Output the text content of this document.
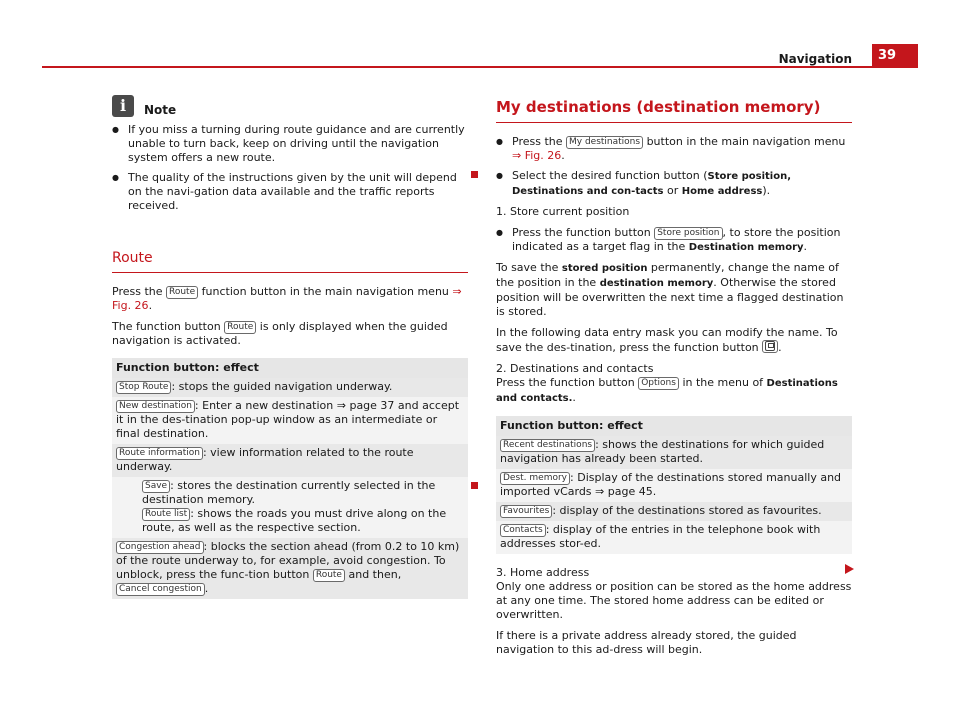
Navigation	39
i	Note
● If you miss a turning during route guidance and are currently unable to turn back, keep on driving until the navigation system offers a new route.
● The quality of the instructions given by the unit will depend on the navi-gation data available and the traffic reports received.
Route

Press the Route function button in the main navigation menu ⇒ Fig. 26.

The function button Route is only displayed when the guided navigation is activated.

Function button: effect
Stop Route : stops the guided navigation underway.
New destination : Enter a new destination ⇒ page 37 and accept it in the des-tination pop-up window as an intermediate or final destination.
Route information : view information related to the route underway.
Save : stores the destination currently selected in the destination memory.
Route list : shows the roads you must drive along on the route, as well as the respective section.
Congestion ahead : blocks the section ahead (from 0.2 to 10 km) of the route underway to, for example, avoid congestion. To unblock, press the func-tion button Route and then, Cancel congestion .
My destinations (destination memory)
● Press the My destinations button in the main navigation menu ⇒ Fig. 26.
● Select the desired function button (Store position, Destinations and con-tacts or Home address).

1. Store current position

● Press the function button Store position , to store the position indicated as a target flag in the Destination memory.

To save the stored position permanently, change the name of the position in the destination memory. Otherwise the stored position will be overwritten the next time a flagged destination is stored.

In the following data entry mask you can modify the name. To save the des-tination, press the function button .

2. Destinations and contacts

Press the function button Options in the menu of Destinations and contacts..

Function button: effect
Recent destinations : shows the destinations for which guided navigation has already been started.
Dest. memory : Display of the destinations stored manually and imported vCards ⇒ page 45.
Favourites : display of the destinations stored as favourites.
Contacts : display of the entries in the telephone book with addresses stor-ed.

3. Home address

Only one address or position can be stored as the home address at any one time. The stored home address can be edited or overwritten.

If there is a private address already stored, the guided navigation to this ad-dress will begin.
